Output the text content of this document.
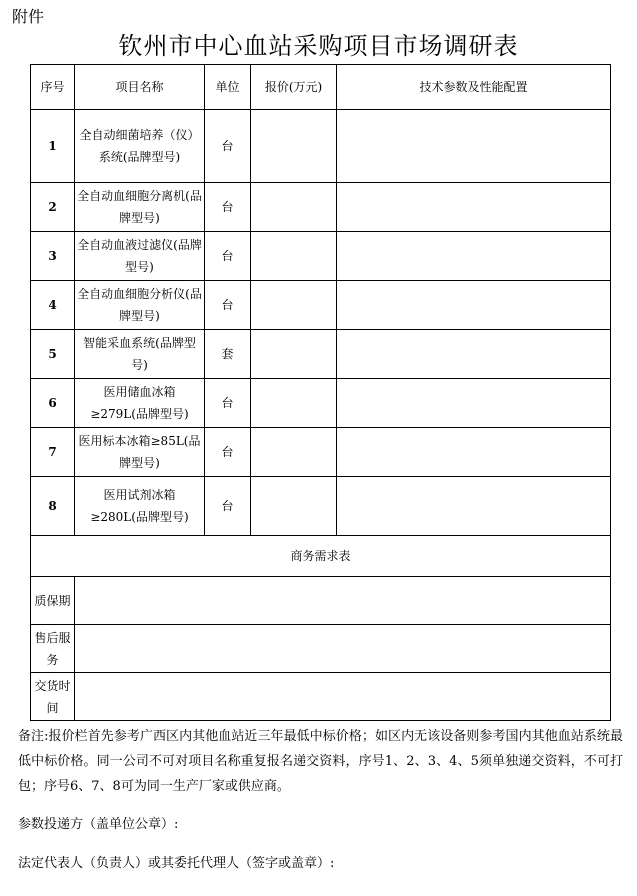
附件
钦州市中心血站采购项目市场调研表
序号	项目名称	单位	报价(万元)	技术参数及性能配置
1	全自动细菌培养（仪）系统(品牌型号)	台		
2	全自动血细胞分离机(品牌型号)	台		
3	全自动血液过滤仪(品牌型号)	台		
4	全自动血细胞分析仪(品牌型号)	台		
5	智能采血系统(品牌型号)	套		
6	医用储血冰箱≥279L(品牌型号)	台		
7	医用标本冰箱≥85L(品牌型号)	台		
8	医用试剂冰箱≥280L(品牌型号)	台		
商务需求表				
质保期				
售后服务				
交货时间				

备注:报价栏首先参考广西区内其他血站近三年最低中标价格；如区内无该设备则参考国内其他血站系统最低中标价格。同一公司不可对项目名称重复报名递交资料，序号1、2、3、4、5须单独递交资料，不可打包；序号6、7、8可为同一生产厂家或供应商。

参数投递方（盖单位公章）:
法定代表人（负责人）或其委托代理人（签字或盖章）:
